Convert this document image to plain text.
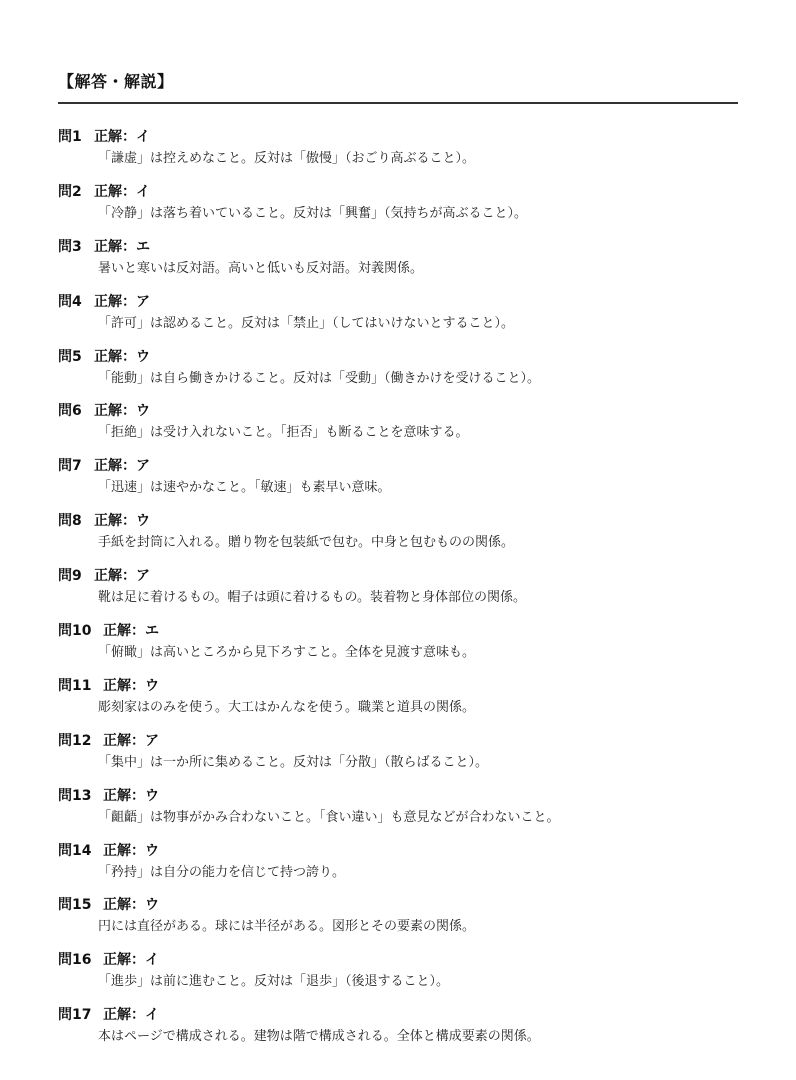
【解答・解説】
問1 正解：イ
「謙虚」は控えめなこと。反対は「傲慢」（おごり高ぶること）。
問2 正解：イ
「冷静」は落ち着いていること。反対は「興奮」（気持ちが高ぶること）。
問3 正解：エ
暑いと寒いは反対語。高いと低いも反対語。対義関係。
問4 正解：ア
「許可」は認めること。反対は「禁止」（してはいけないとすること）。
問5 正解：ウ
「能動」は自ら働きかけること。反対は「受動」（働きかけを受けること）。
問6 正解：ウ
「拒絶」は受け入れないこと。「拒否」も断ることを意味する。
問7 正解：ア
「迅速」は速やかなこと。「敏速」も素早い意味。
問8 正解：ウ
手紙を封筒に入れる。贈り物を包装紙で包む。中身と包むものの関係。
問9 正解：ア
靴は足に着けるもの。帽子は頭に着けるもの。装着物と身体部位の関係。
問10 正解：エ
「俯瞰」は高いところから見下ろすこと。全体を見渡す意味も。
問11 正解：ウ
彫刻家はのみを使う。大工はかんなを使う。職業と道具の関係。
問12 正解：ア
「集中」は一か所に集めること。反対は「分散」（散らばること）。
問13 正解：ウ
「齟齬」は物事がかみ合わないこと。「食い違い」も意見などが合わないこと。
問14 正解：ウ
「矜持」は自分の能力を信じて持つ誇り。
問15 正解：ウ
円には直径がある。球には半径がある。図形とその要素の関係。
問16 正解：イ
「進歩」は前に進むこと。反対は「退歩」（後退すること）。
問17 正解：イ
本はページで構成される。建物は階で構成される。全体と構成要素の関係。
